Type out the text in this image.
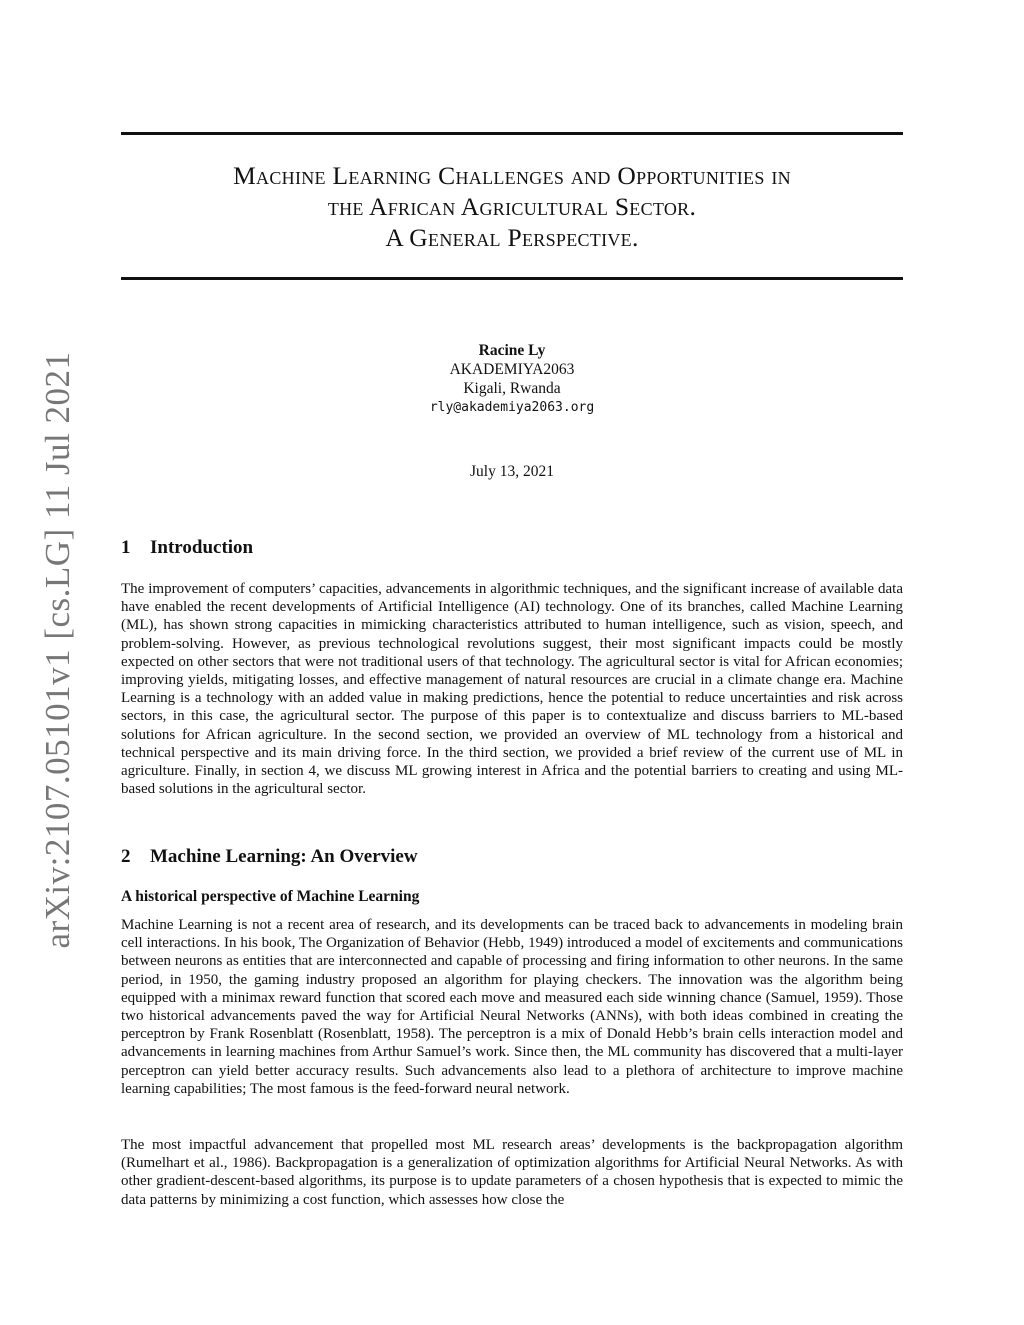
arXiv:2107.05101v1 [cs.LG] 11 Jul 2021
Machine Learning Challenges and Opportunities in
the African Agricultural Sector.
A General Perspective.
Racine Ly
AKADEMIYA2063
Kigali, Rwanda
rly@akademiya2063.org
July 13, 2021
1 Introduction

The improvement of computers’ capacities, advancements in algorithmic techniques, and the significant increase of available data have enabled the recent developments of Artificial Intelligence (AI) technology. One of its branches, called Machine Learning (ML), has shown strong capacities in mimicking characteristics attributed to human intelligence, such as vision, speech, and problem-solving. However, as previous technological revolutions suggest, their most significant impacts could be mostly expected on other sectors that were not traditional users of that technology. The agricultural sector is vital for African economies; improving yields, mitigating losses, and effective management of natural resources are crucial in a climate change era. Machine Learning is a technology with an added value in making predictions, hence the potential to reduce uncertainties and risk across sectors, in this case, the agricultural sector. The purpose of this paper is to contextualize and discuss barriers to ML-based solutions for African agriculture. In the second section, we provided an overview of ML technology from a historical and technical perspective and its main driving force. In the third section, we provided a brief review of the current use of ML in agriculture. Finally, in section 4, we discuss ML growing interest in Africa and the potential barriers to creating and using ML-based solutions in the agricultural sector.

2 Machine Learning: An Overview
A historical perspective of Machine Learning

Machine Learning is not a recent area of research, and its developments can be traced back to advancements in modeling brain cell interactions. In his book, The Organization of Behavior (Hebb, 1949) introduced a model of excitements and communications between neurons as entities that are interconnected and capable of processing and firing information to other neurons. In the same period, in 1950, the gaming industry proposed an algorithm for playing checkers. The innovation was the algorithm being equipped with a minimax reward function that scored each move and measured each side winning chance (Samuel, 1959). Those two historical advancements paved the way for Artificial Neural Networks (ANNs), with both ideas combined in creating the perceptron by Frank Rosenblatt (Rosenblatt, 1958). The perceptron is a mix of Donald Hebb’s brain cells interaction model and advancements in learning machines from Arthur Samuel’s work. Since then, the ML community has discovered that a multi-layer perceptron can yield better accuracy results. Such advancements also lead to a plethora of architecture to improve machine learning capabilities; The most famous is the feed-forward neural network.

The most impactful advancement that propelled most ML research areas’ developments is the backpropagation algorithm (Rumelhart et al., 1986). Backpropagation is a generalization of optimization algorithms for Artificial Neural Networks. As with other gradient-descent-based algorithms, its purpose is to update parameters of a chosen hypothesis that is expected to mimic the data patterns by minimizing a cost function, which assesses how close the
